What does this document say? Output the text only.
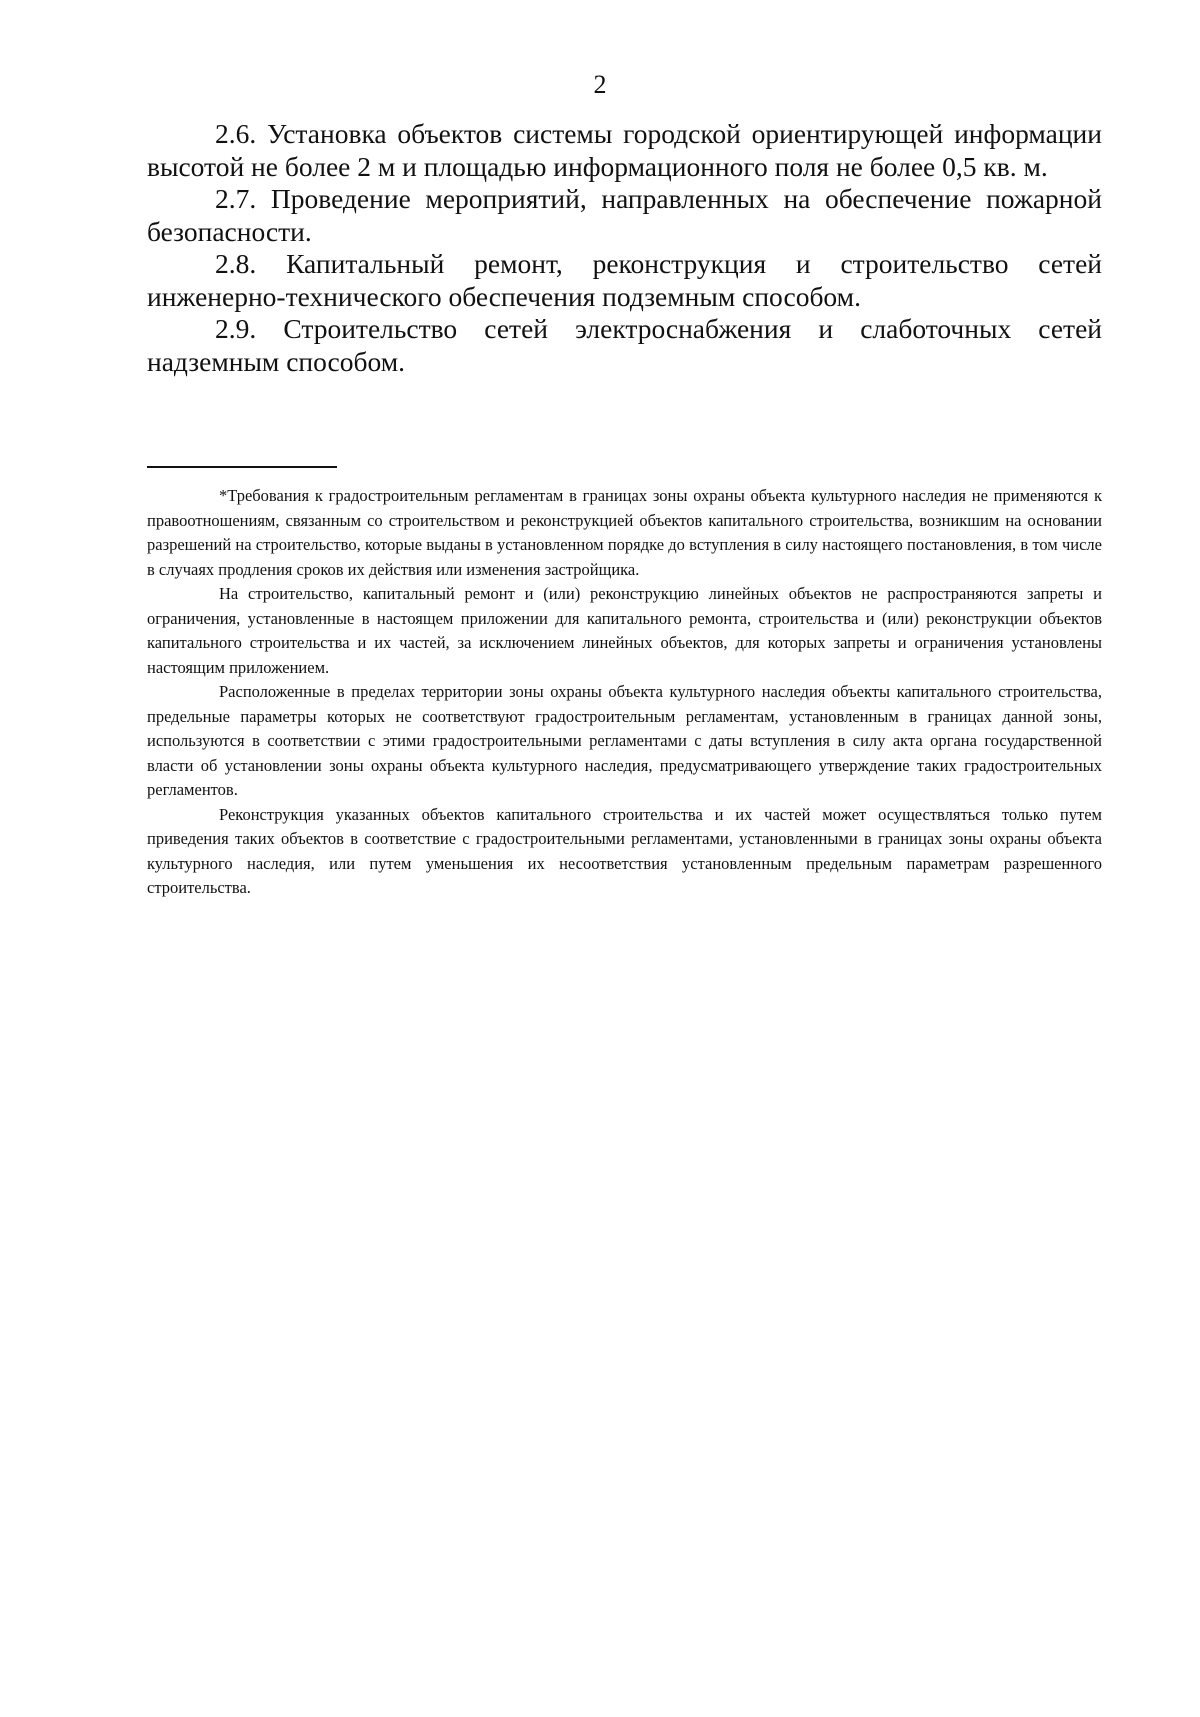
2

2.6. Установка объектов системы городской ориентирующей информации высотой не более 2 м и площадью информационного поля не более 0,5 кв. м.

2.7. Проведение мероприятий, направленных на обеспечение пожарной безопасности.

2.8. Капитальный ремонт, реконструкция и строительство сетей инженерно-технического обеспечения подземным способом.

2.9. Строительство сетей электроснабжения и слаботочных сетей надземным способом.

*Требования к градостроительным регламентам в границах зоны охраны объекта культурного наследия не применяются к правоотношениям, связанным со строительством и реконструкцией объектов капитального строительства, возникшим на основании разрешений на строительство, которые выданы в установленном порядке до вступления в силу настоящего постановления, в том числе в случаях продления сроков их действия или изменения застройщика.

На строительство, капитальный ремонт и (или) реконструкцию линейных объектов не распространяются запреты и ограничения, установленные в настоящем приложении для капитального ремонта, строительства и (или) реконструкции объектов капитального строительства и их частей, за исключением линейных объектов, для которых запреты и ограничения установлены настоящим приложением.

Расположенные в пределах территории зоны охраны объекта культурного наследия объекты капитального строительства, предельные параметры которых не соответствуют градостроительным регламентам, установленным в границах данной зоны, используются в соответствии с этими градостроительными регламентами с даты вступления в силу акта органа государственной власти об установлении зоны охраны объекта культурного наследия, предусматривающего утверждение таких градостроительных регламентов.

Реконструкция указанных объектов капитального строительства и их частей может осуществляться только путем приведения таких объектов в соответствие с градостроительными регламентами, установленными в границах зоны охраны объекта культурного наследия, или путем уменьшения их несоответствия установленным предельным параметрам разрешенного строительства.
